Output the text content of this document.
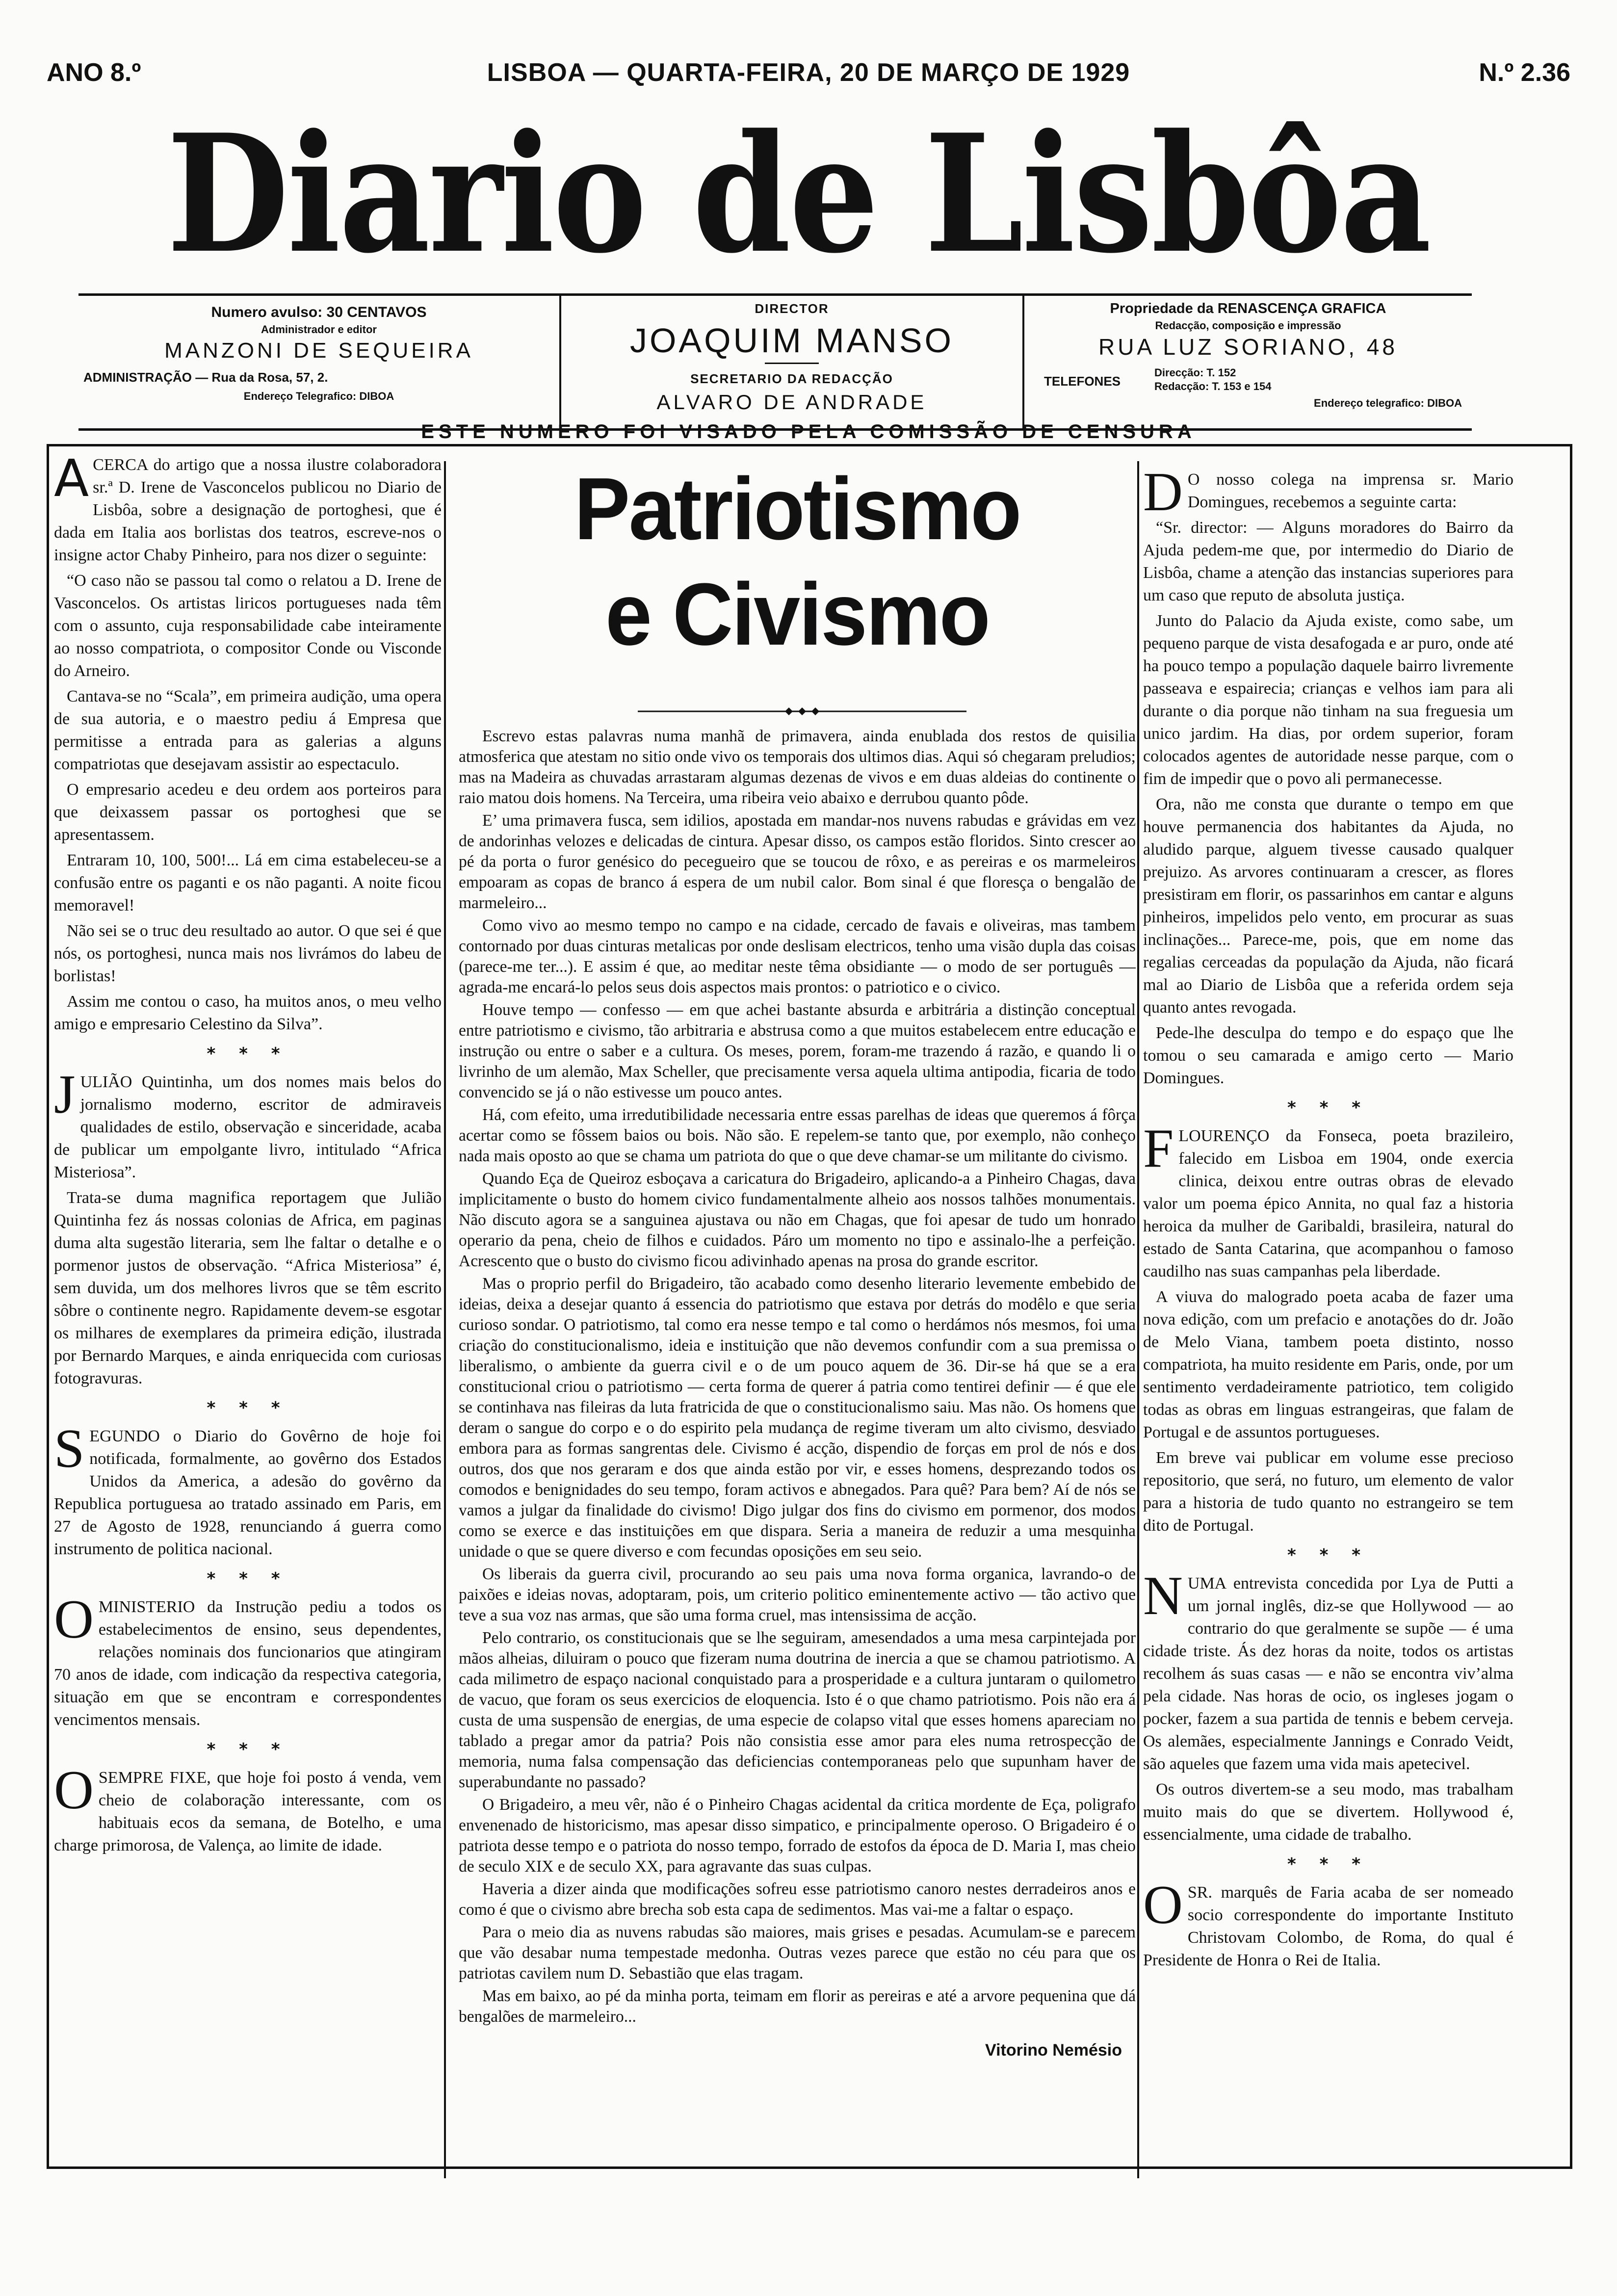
ANO 8.º	LISBOA — QUARTA-FEIRA, 20 DE MARÇO DE 1929	N.º 2.36
Diario de Lisbôa
Numero avulso: 30 CENTAVOS
Administrador e editor
MANZONI DE SEQUEIRA
ADMINISTRAÇÃO — Rua da Rosa, 57, 2.
Endereço Telegrafico: DIBOA
DIRECTOR
JOAQUIM MANSO
SECRETARIO DA REDACÇÃO
ALVARO DE ANDRADE
Propriedade da RENASCENÇA GRAFICA
Redacção, composição e impressão
RUA LUZ SORIANO, 48
TELEFONES
Direcção: T. 152
Redacção: T. 153 e 154
Endereço telegrafico: DIBOA
ESTE NUMERO FOI VISADO PELA COMISSÃO DE CENSURA

ACERCA do artigo que a nossa ilustre colaboradora sr.ª D. Irene de Vasconcelos publicou no Diario de Lisbôa, sobre a designação de portoghesi, que é dada em Italia aos borlistas dos teatros, escreve-nos o insigne actor Chaby Pinheiro, para nos dizer o seguinte:

“O caso não se passou tal como o relatou a D. Irene de Vasconcelos. Os artistas liricos portugueses nada têm com o assunto, cuja responsabilidade cabe inteiramente ao nosso compatriota, o compositor Conde ou Visconde do Arneiro.

Cantava-se no “Scala”, em primeira audição, uma opera de sua autoria, e o maestro pediu á Empresa que permitisse a entrada para as galerias a alguns compatriotas que desejavam assistir ao espectaculo.

O empresario acedeu e deu ordem aos porteiros para que deixassem passar os portoghesi que se apresentassem.

Entraram 10, 100, 500!... Lá em cima estabeleceu-se a confusão entre os paganti e os não paganti. A noite ficou memoravel!

Não sei se o truc deu resultado ao autor. O que sei é que nós, os portoghesi, nunca mais nos livrámos do labeu de borlistas!

Assim me contou o caso, ha muitos anos, o meu velho amigo e empresario Celestino da Silva”.

* * *

JULIÃO Quintinha, um dos nomes mais belos do jornalismo moderno, escritor de admiraveis qualidades de estilo, observação e sinceridade, acaba de publicar um empolgante livro, intitulado “Africa Misteriosa”.

Trata-se duma magnifica reportagem que Julião Quintinha fez ás nossas colonias de Africa, em paginas duma alta sugestão literaria, sem lhe faltar o detalhe e o pormenor justos de observação. “Africa Misteriosa” é, sem duvida, um dos melhores livros que se têm escrito sôbre o continente negro. Rapidamente devem-se esgotar os milhares de exemplares da primeira edição, ilustrada por Bernardo Marques, e ainda enriquecida com curiosas fotogravuras.

* * *

SEGUNDO o Diario do Govêrno de hoje foi notificada, formalmente, ao govêrno dos Estados Unidos da America, a adesão do govêrno da Republica portuguesa ao tratado assinado em Paris, em 27 de Agosto de 1928, renunciando á guerra como instrumento de politica nacional.

* * *

OMINISTERIO da Instrução pediu a todos os estabelecimentos de ensino, seus dependentes, relações nominais dos funcionarios que atingiram 70 anos de idade, com indicação da respectiva categoria, situação em que se encontram e correspondentes vencimentos mensais.

* * *

OSEMPRE FIXE, que hoje foi posto á venda, vem cheio de colaboração interessante, com os habituais ecos da semana, de Botelho, e uma charge primorosa, de Valença, ao limite de idade.

Patriotismo
e Civismo

Escrevo estas palavras numa manhã de primavera, ainda enublada dos restos de quisilia atmosferica que atestam no sitio onde vivo os temporais dos ultimos dias. Aqui só chegaram preludios; mas na Madeira as chuvadas arrastaram algumas dezenas de vivos e em duas aldeias do continente o raio matou dois homens. Na Terceira, uma ribeira veio abaixo e derrubou quanto pôde.

E’ uma primavera fusca, sem idilios, apostada em mandar-nos nuvens rabudas e grávidas em vez de andorinhas velozes e delicadas de cintura. Apesar disso, os campos estão floridos. Sinto crescer ao pé da porta o furor genésico do pecegueiro que se toucou de rôxo, e as pereiras e os marmeleiros empoaram as copas de branco á espera de um nubil calor. Bom sinal é que floresça o bengalão de marmeleiro...

Como vivo ao mesmo tempo no campo e na cidade, cercado de favais e oliveiras, mas tambem contornado por duas cinturas metalicas por onde deslisam electricos, tenho uma visão dupla das coisas (parece-me ter...). E assim é que, ao meditar neste têma obsidiante — o modo de ser português — agrada-me encará-lo pelos seus dois aspectos mais prontos: o patriotico e o civico.

Houve tempo — confesso — em que achei bastante absurda e arbitrária a distinção conceptual entre patriotismo e civismo, tão arbitraria e abstrusa como a que muitos estabelecem entre educação e instrução ou entre o saber e a cultura. Os meses, porem, foram-me trazendo á razão, e quando li o livrinho de um alemão, Max Scheller, que precisamente versa aquela ultima antipodia, ficaria de todo convencido se já o não estivesse um pouco antes.

Há, com efeito, uma irredutibilidade necessaria entre essas parelhas de ideas que queremos á fôrça acertar como se fôssem baios ou bois. Não são. E repelem-se tanto que, por exemplo, não conheço nada mais oposto ao que se chama um patriota do que o que deve chamar-se um militante do civismo.

Quando Eça de Queiroz esboçava a caricatura do Brigadeiro, aplicando-a a Pinheiro Chagas, dava implicitamente o busto do homem civico fundamentalmente alheio aos nossos talhões monumentais. Não discuto agora se a sanguinea ajustava ou não em Chagas, que foi apesar de tudo um honrado operario da pena, cheio de filhos e cuidados. Páro um momento no tipo e assinalo-lhe a perfeição. Acrescento que o busto do civismo ficou adivinhado apenas na prosa do grande escritor.

Mas o proprio perfil do Brigadeiro, tão acabado como desenho literario levemente embebido de ideias, deixa a desejar quanto á essencia do patriotismo que estava por detrás do modêlo e que seria curioso sondar. O patriotismo, tal como era nesse tempo e tal como o herdámos nós mesmos, foi uma criação do constitucionalismo, ideia e instituição que não devemos confundir com a sua premissa o liberalismo, o ambiente da guerra civil e o de um pouco aquem de 36. Dir-se há que se a era constitucional criou o patriotismo — certa forma de querer á patria como tentirei definir — é que ele se continhava nas fileiras da luta fratricida de que o constitucionalismo saiu. Mas não. Os homens que deram o sangue do corpo e o do espirito pela mudança de regime tiveram um alto civismo, desviado embora para as formas sangrentas dele. Civismo é acção, dispendio de forças em prol de nós e dos outros, dos que nos geraram e dos que ainda estão por vir, e esses homens, desprezando todos os comodos e benignidades do seu tempo, foram activos e abnegados. Para quê? Para bem? Aí de nós se vamos a julgar da finalidade do civismo! Digo julgar dos fins do civismo em pormenor, dos modos como se exerce e das instituições em que dispara. Seria a maneira de reduzir a uma mesquinha unidade o que se quere diverso e com fecundas oposições em seu seio.

Os liberais da guerra civil, procurando ao seu pais uma nova forma organica, lavrando-o de paixões e ideias novas, adoptaram, pois, um criterio politico eminentemente activo — tão activo que teve a sua voz nas armas, que são uma forma cruel, mas intensissima de acção.

Pelo contrario, os constitucionais que se lhe seguiram, amesendados a uma mesa carpintejada por mãos alheias, diluiram o pouco que fizeram numa doutrina de inercia a que se chamou patriotismo. A cada milimetro de espaço nacional conquistado para a prosperidade e a cultura juntaram o quilometro de vacuo, que foram os seus exercicios de eloquencia. Isto é o que chamo patriotismo. Pois não era á custa de uma suspensão de energias, de uma especie de colapso vital que esses homens apareciam no tablado a pregar amor da patria? Pois não consistia esse amor para eles numa retrospecção de memoria, numa falsa compensação das deficiencias contemporaneas pelo que supunham haver de superabundante no passado?

O Brigadeiro, a meu vêr, não é o Pinheiro Chagas acidental da critica mordente de Eça, poligrafo envenenado de historicismo, mas apesar disso simpatico, e principalmente operoso. O Brigadeiro é o patriota desse tempo e o patriota do nosso tempo, forrado de estofos da época de D. Maria I, mas cheio de seculo XIX e de seculo XX, para agravante das suas culpas.

Haveria a dizer ainda que modificações sofreu esse patriotismo canoro nestes derradeiros anos e como é que o civismo abre brecha sob esta capa de sedimentos. Mas vai-me a faltar o espaço.

Para o meio dia as nuvens rabudas são maiores, mais grises e pesadas. Acumulam-se e parecem que vão desabar numa tempestade medonha. Outras vezes parece que estão no céu para que os patriotas cavilem num D. Sebastião que elas tragam.

Mas em baixo, ao pé da minha porta, teimam em florir as pereiras e até a arvore pequenina que dá bengalões de marmeleiro...

Vitorino Nemésio

D O nosso colega na imprensa sr. Mario Domingues, recebemos a seguinte carta:

“Sr. director: — Alguns moradores do Bairro da Ajuda pedem-me que, por intermedio do Diario de Lisbôa, chame a atenção das instancias superiores para um caso que reputo de absoluta justiça.

Junto do Palacio da Ajuda existe, como sabe, um pequeno parque de vista desafogada e ar puro, onde até ha pouco tempo a população daquele bairro livremente passeava e espairecia; crianças e velhos iam para ali durante o dia porque não tinham na sua freguesia um unico jardim. Ha dias, por ordem superior, foram colocados agentes de autoridade nesse parque, com o fim de impedir que o povo ali permanecesse.

Ora, não me consta que durante o tempo em que houve permanencia dos habitantes da Ajuda, no aludido parque, alguem tivesse causado qualquer prejuizo. As arvores continuaram a crescer, as flores presistiram em florir, os passarinhos em cantar e alguns pinheiros, impelidos pelo vento, em procurar as suas inclinações... Parece-me, pois, que em nome das regalias cerceadas da população da Ajuda, não ficará mal ao Diario de Lisbôa que a referida ordem seja quanto antes revogada.

Pede-lhe desculpa do tempo e do espaço que lhe tomou o seu camarada e amigo certo — Mario Domingues.

* * *

FLOURENÇO da Fonseca, poeta brazileiro, falecido em Lisboa em 1904, onde exercia clinica, deixou entre outras obras de elevado valor um poema épico Annita, no qual faz a historia heroica da mulher de Garibaldi, brasileira, natural do estado de Santa Catarina, que acompanhou o famoso caudilho nas suas campanhas pela liberdade.

A viuva do malogrado poeta acaba de fazer uma nova edição, com um prefacio e anotações do dr. João de Melo Viana, tambem poeta distinto, nosso compatriota, ha muito residente em Paris, onde, por um sentimento verdadeiramente patriotico, tem coligido todas as obras em linguas estrangeiras, que falam de Portugal e de assuntos portugueses.

Em breve vai publicar em volume esse precioso repositorio, que será, no futuro, um elemento de valor para a historia de tudo quanto no estrangeiro se tem dito de Portugal.

* * *

NUMA entrevista concedida por Lya de Putti a um jornal inglês, diz-se que Hollywood — ao contrario do que geralmente se supõe — é uma cidade triste. Ás dez horas da noite, todos os artistas recolhem ás suas casas — e não se encontra viv’alma pela cidade. Nas horas de ocio, os ingleses jogam o pocker, fazem a sua partida de tennis e bebem cerveja. Os alemães, especialmente Jannings e Conrado Veidt, são aqueles que fazem uma vida mais apetecivel.

Os outros divertem-se a seu modo, mas trabalham muito mais do que se divertem. Hollywood é, essencialmente, uma cidade de trabalho.

* * *

OSR. marquês de Faria acaba de ser nomeado socio correspondente do importante Instituto Christovam Colombo, de Roma, do qual é Presidente de Honra o Rei de Italia.
